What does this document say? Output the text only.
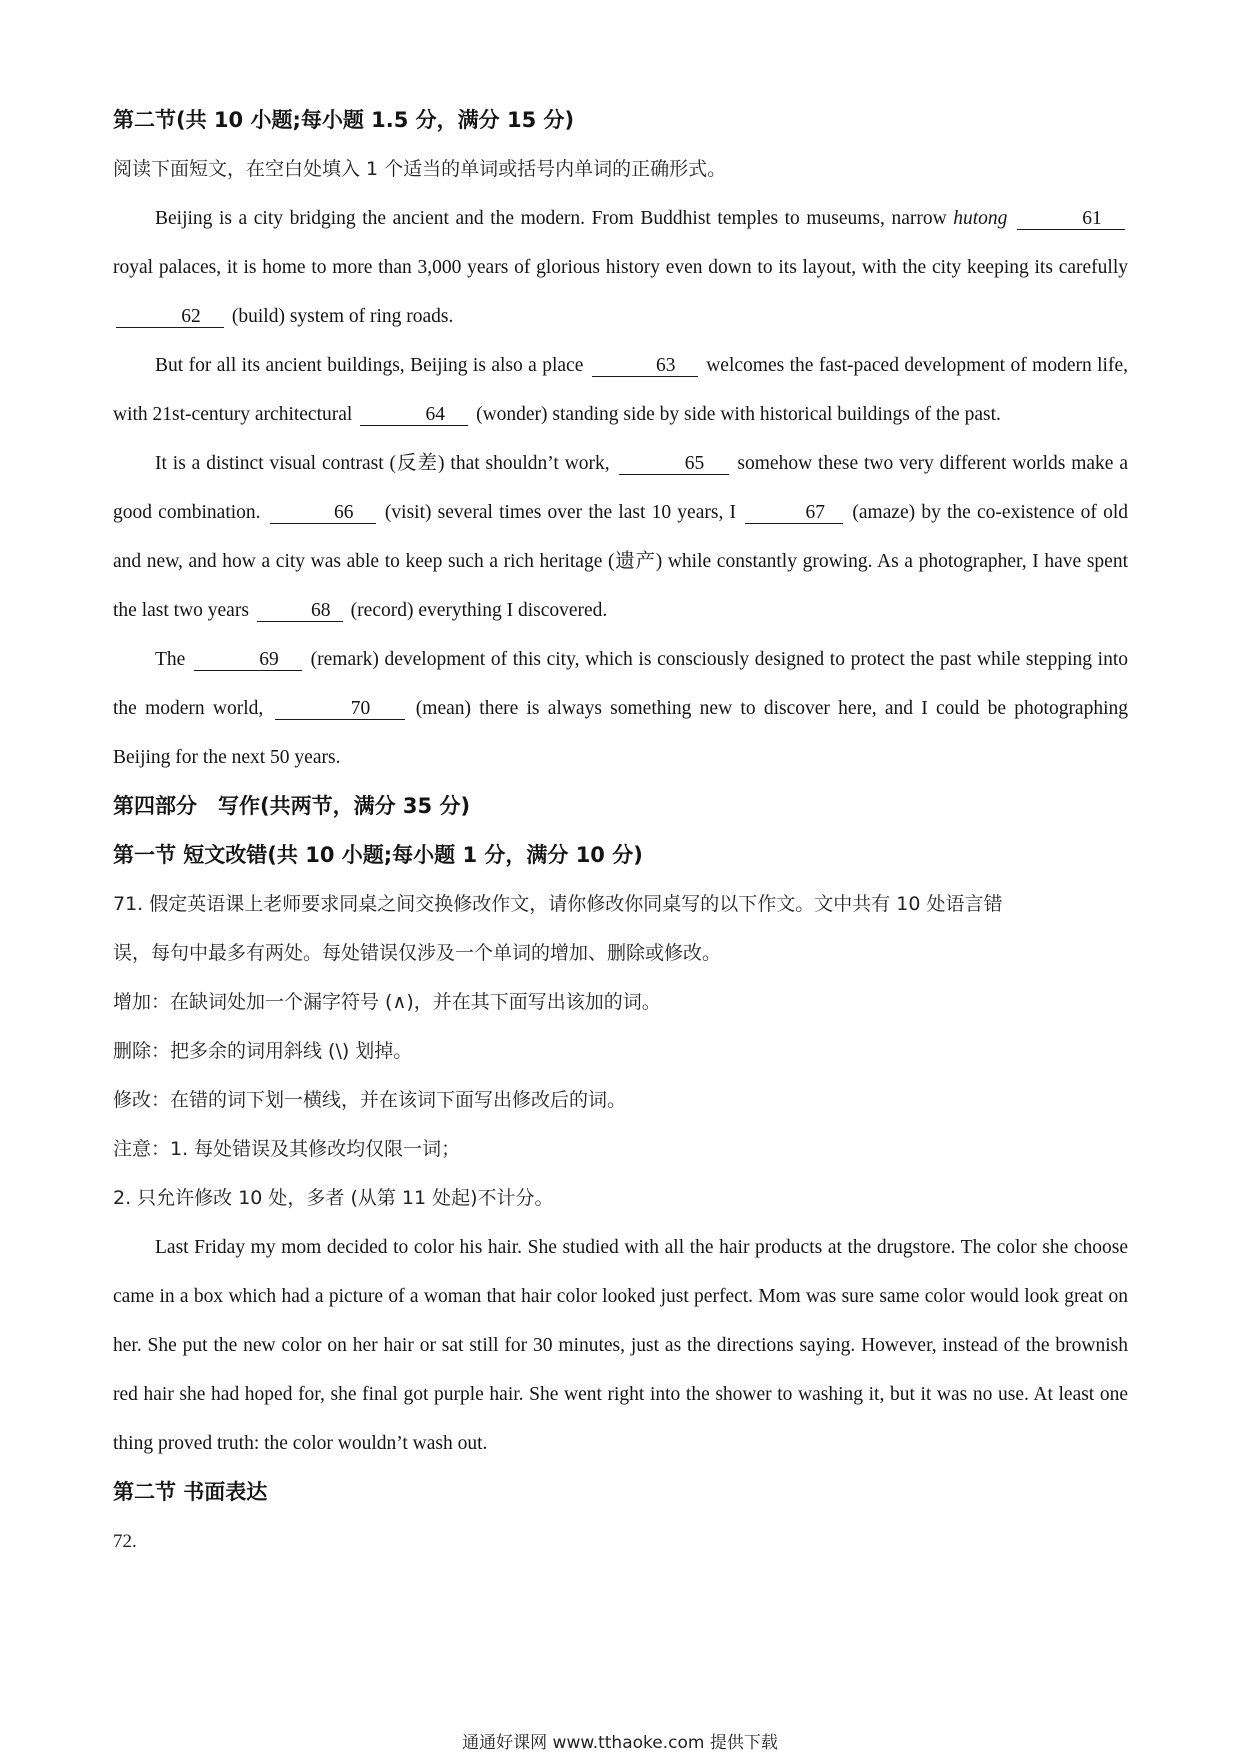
第二节(共 10 小题;每小题 1.5 分，满分 15 分)
阅读下面短文，在空白处填入 1 个适当的单词或括号内单词的正确形式。

Beijing is a city bridging the ancient and the modern. From Buddhist temples to museums, narrow hutong	61 royal palaces, it is home to more than 3,000 years of glorious history even down to its layout, with the city keeping its carefully 62 (build) system of ring roads.

But for all its ancient buildings, Beijing is also a place	63 welcomes the fast-paced development of modern life, with 21st-century architectural	64 (wonder) standing side by side with historical buildings of the past.

It is a distinct visual contrast (反差) that shouldn’t work,	65 somehow these two very different worlds make a good combination.	66 (visit) several times over the last 10 years, I	67 (amaze) by the co-existence of old and new, and how a city was able to keep such a rich heritage (遗产) while constantly growing. As a photographer, I have spent the last two years	68 (record) everything I discovered.

The	69 (remark) development of this city, which is consciously designed to protect the past while stepping into the modern world,	70 (mean) there is always something new to discover here, and I could be photographing Beijing for the next 50 years.

第四部分　写作(共两节，满分 35 分)
第一节 短文改错(共 10 小题;每小题 1 分，满分 10 分)
71. 假定英语课上老师要求同桌之间交换修改作文，请你修改你同桌写的以下作文。文中共有 10 处语言错
误，每句中最多有两处。每处错误仅涉及一个单词的增加、删除或修改。
增加：在缺词处加一个漏字符号 (∧)，并在其下面写出该加的词。
删除：把多余的词用斜线 (\) 划掉。
修改：在错的词下划一横线，并在该词下面写出修改后的词。
注意：1. 每处错误及其修改均仅限一词；
2. 只允许修改 10 处，多者 (从第 11 处起)不计分。

Last Friday my mom decided to color his hair. She studied with all the hair products at the drugstore. The color she choose came in a box which had a picture of a woman that hair color looked just perfect. Mom was sure same color would look great on her. She put the new color on her hair or sat still for 30 minutes, just as the directions saying. However, instead of the brownish red hair she had hoped for, she final got purple hair. She went right into the shower to washing it, but it was no use. At least one thing proved truth: the color wouldn’t wash out.

第二节 书面表达
72.
通通好课网 www.tthaoke.com 提供下载
